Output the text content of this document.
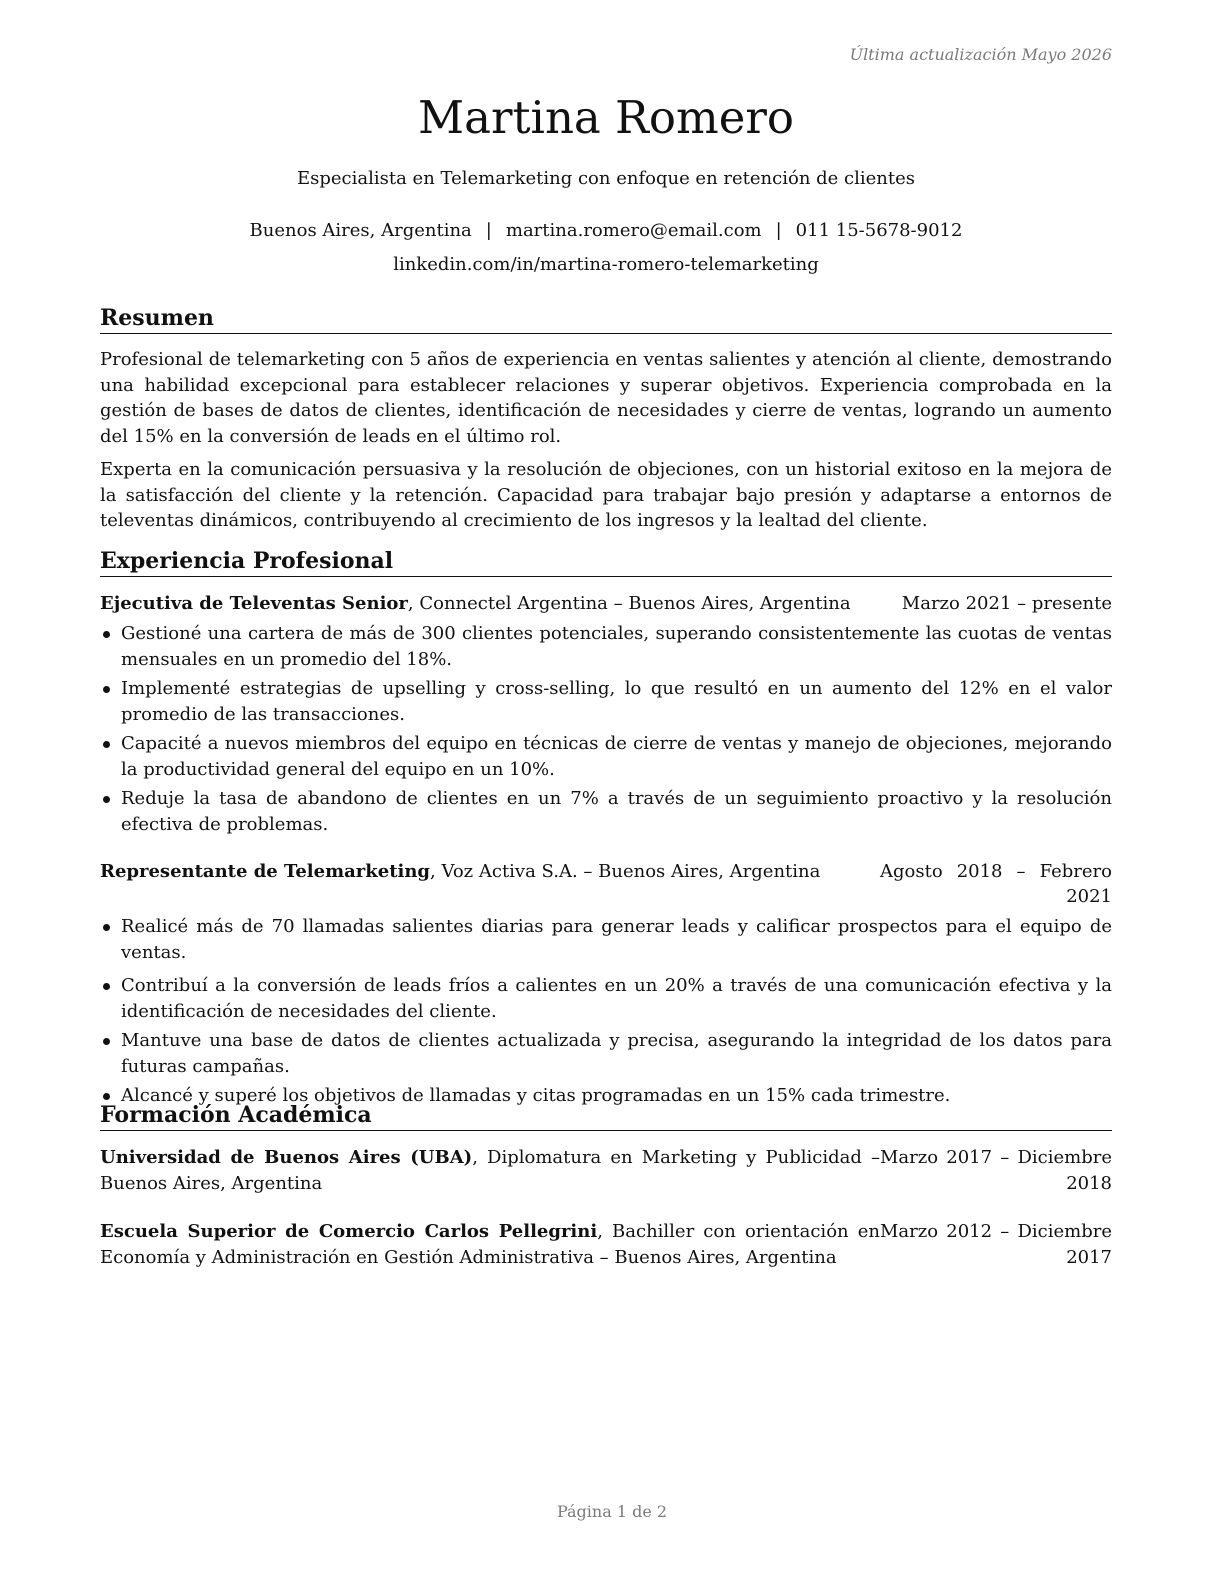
Última actualización Mayo 2026
Martina Romero
Especialista en Telemarketing con enfoque en retención de clientes
Buenos Aires, Argentina | martina.romero@email.com | 011 15-5678-9012
linkedin.com/in/martina-romero-telemarketing
Resumen

Profesional de telemarketing con 5 años de experiencia en ventas salientes y atención al cliente, demostrando una habilidad excepcional para establecer relaciones y superar objetivos. Experiencia comprobada en la gestión de bases de datos de clientes, identificación de necesidades y cierre de ventas, logrando un aumento del 15% en la conversión de leads en el último rol.

Experta en la comunicación persuasiva y la resolución de objeciones, con un historial exitoso en la mejora de la satisfacción del cliente y la retención. Capacidad para trabajar bajo presión y adaptarse a entornos de televentas dinámicos, contribuyendo al crecimiento de los ingresos y la lealtad del cliente.

Experiencia Profesional
Ejecutiva de Televentas Senior, Connectel Argentina – Buenos Aires, Argentina	Marzo 2021 – presente
Gestioné una cartera de más de 300 clientes potenciales, superando consistentemente las cuotas de ventas mensuales en un promedio del 18%.
Implementé estrategias de upselling y cross-selling, lo que resultó en un aumento del 12% en el valor promedio de las transacciones.
Capacité a nuevos miembros del equipo en técnicas de cierre de ventas y manejo de objeciones, mejorando la productividad general del equipo en un 10%.
Reduje la tasa de abandono de clientes en un 7% a través de un seguimiento proactivo y la resolución efectiva de problemas.
Representante de Telemarketing, Voz Activa S.A. – Buenos Aires, Argentina	Agosto 2018 – Febrero
2021
Realicé más de 70 llamadas salientes diarias para generar leads y calificar prospectos para el equipo de ventas.
Contribuí a la conversión de leads fríos a calientes en un 20% a través de una comunicación efectiva y la identificación de necesidades del cliente.
Mantuve una base de datos de clientes actualizada y precisa, asegurando la integridad de los datos para futuras campañas.
Alcancé y superé los objetivos de llamadas y citas programadas en un 15% cada trimestre.
Formación Académica
Universidad de Buenos Aires (UBA), Diplomatura en Marketing y Publicidad – Buenos Aires, Argentina
Marzo 2017 – Diciembre
2018
Escuela Superior de Comercio Carlos Pellegrini, Bachiller con orientación en Economía y Administración en Gestión Administrativa – Buenos Aires, Argentina
Marzo 2012 – Diciembre
2017
Página 1 de 2
